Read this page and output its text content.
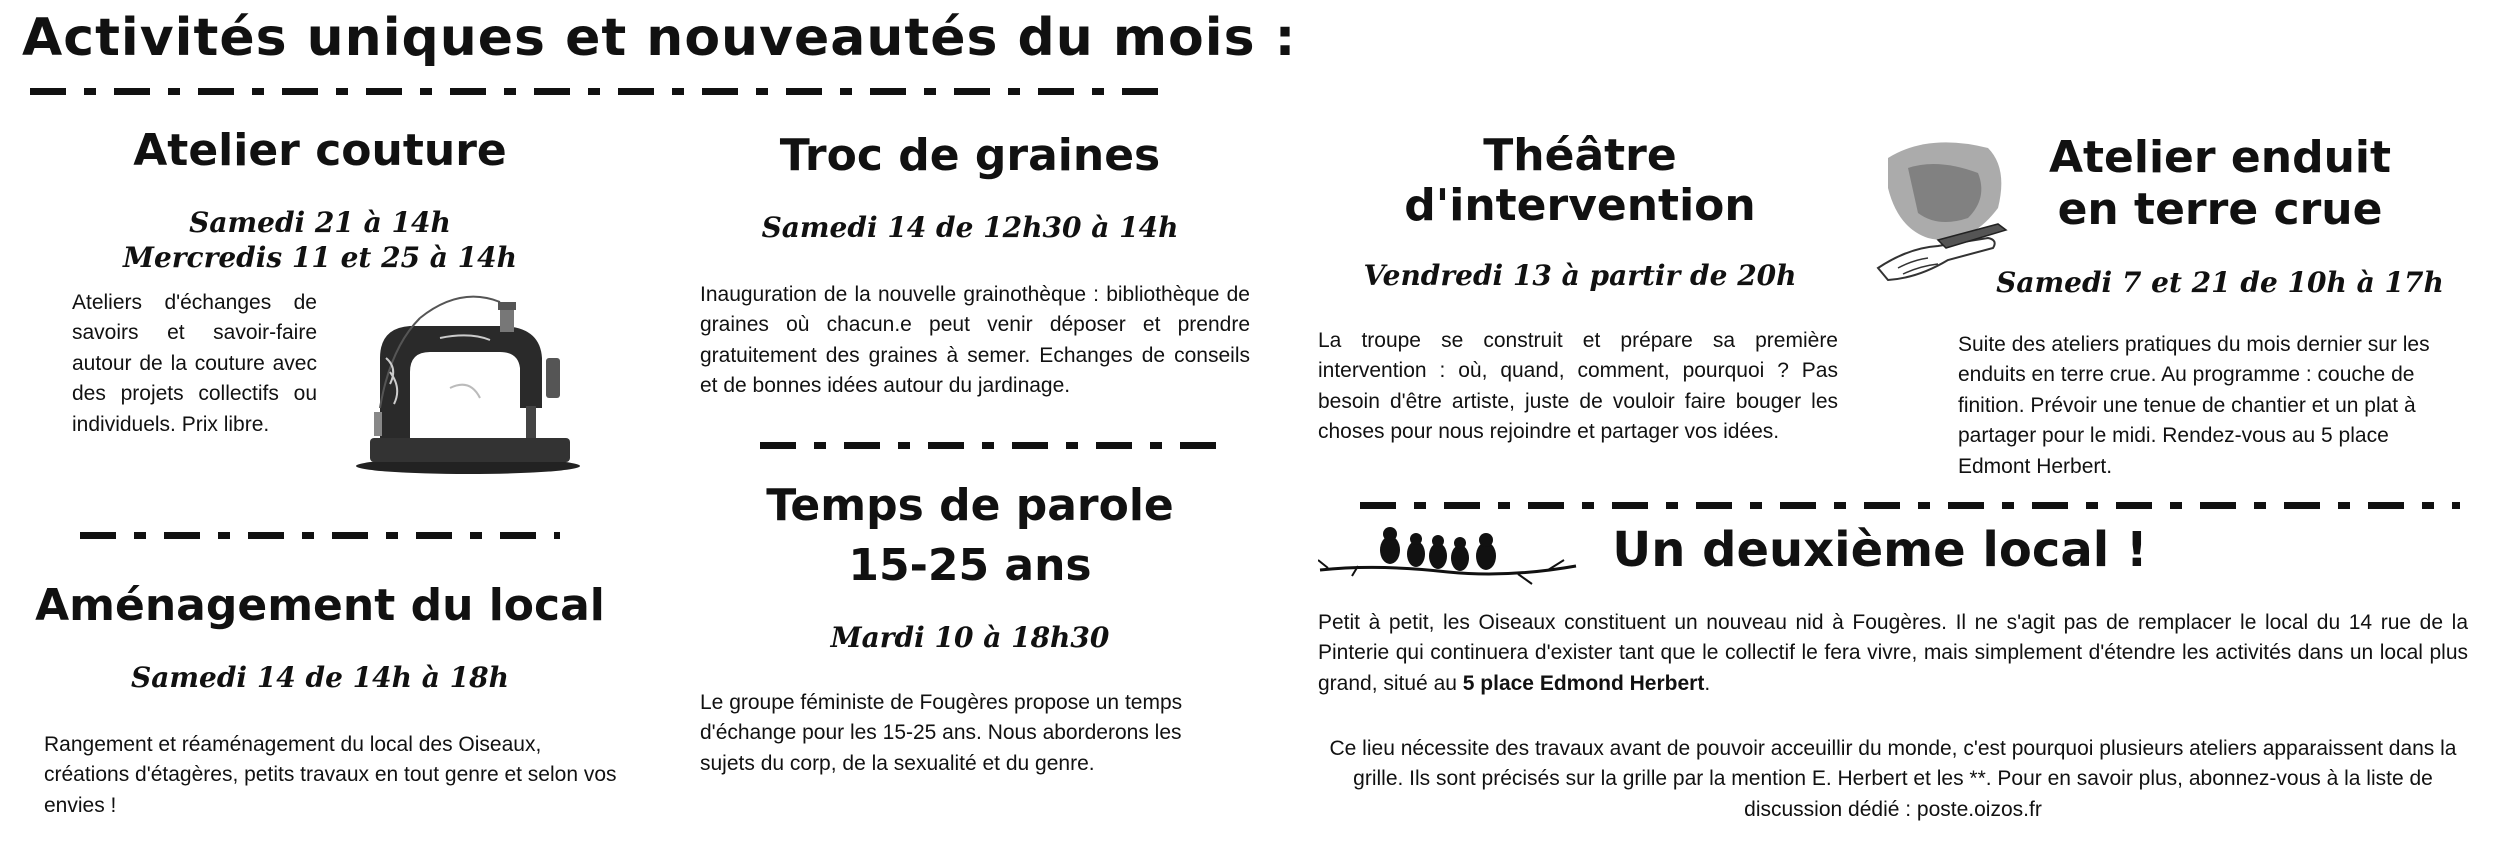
Activités uniques et nouveautés du mois :
Atelier couture
Samedi 21 à 14h
Mercredis 11 et 25 à 14h
Ateliers d'échanges de savoirs et savoir-faire autour de la couture avec des projets collectifs ou individuels. Prix libre.
Troc de graines
Samedi 14 de 12h30 à 14h
Inauguration de la nouvelle grainothèque : bibliothèque de graines où chacun.e peut venir déposer et prendre gratuitement des graines à semer. Echanges de conseils et de bonnes idées autour du jardinage.
Théâtre
d'intervention
Vendredi 13 à partir de 20h
La troupe se construit et prépare sa première intervention : où, quand, comment, pourquoi ? Pas besoin d'être artiste, juste de vouloir faire bouger les choses pour nous rejoindre et partager vos idées.
Atelier enduit
en terre crue
Samedi 7 et 21 de 10h à 17h
Suite des ateliers pratiques du mois dernier sur les enduits en terre crue. Au programme : couche de finition. Prévoir une tenue de chantier et un plat à partager pour le midi. Rendez-vous au 5 place Edmont Herbert.
Aménagement du local
Samedi 14 de 14h à 18h
Rangement et réaménagement du local des Oiseaux, créations d'étagères, petits travaux en tout genre et selon vos envies !
Temps de parole
15-25 ans
Mardi 10 à 18h30
Le groupe féministe de Fougères propose un temps d'échange pour les 15-25 ans. Nous aborderons les sujets du corp, de la sexualité et du genre.
Un deuxième local !
Petit à petit, les Oiseaux constituent un nouveau nid à Fougères. Il ne s'agit pas de remplacer le local du 14 rue de la Pinterie qui continuera d'exister tant que le collectif le fera vivre, mais simplement d'étendre les activités dans un local plus grand, situé au 5 place Edmond Herbert.
Ce lieu nécessite des travaux avant de pouvoir acceuillir du monde, c'est pourquoi plusieurs ateliers apparaissent dans la grille. Ils sont précisés sur la grille par la mention E. Herbert et les **. Pour en savoir plus, abonnez-vous à la liste de discussion dédié : poste.oizos.fr
